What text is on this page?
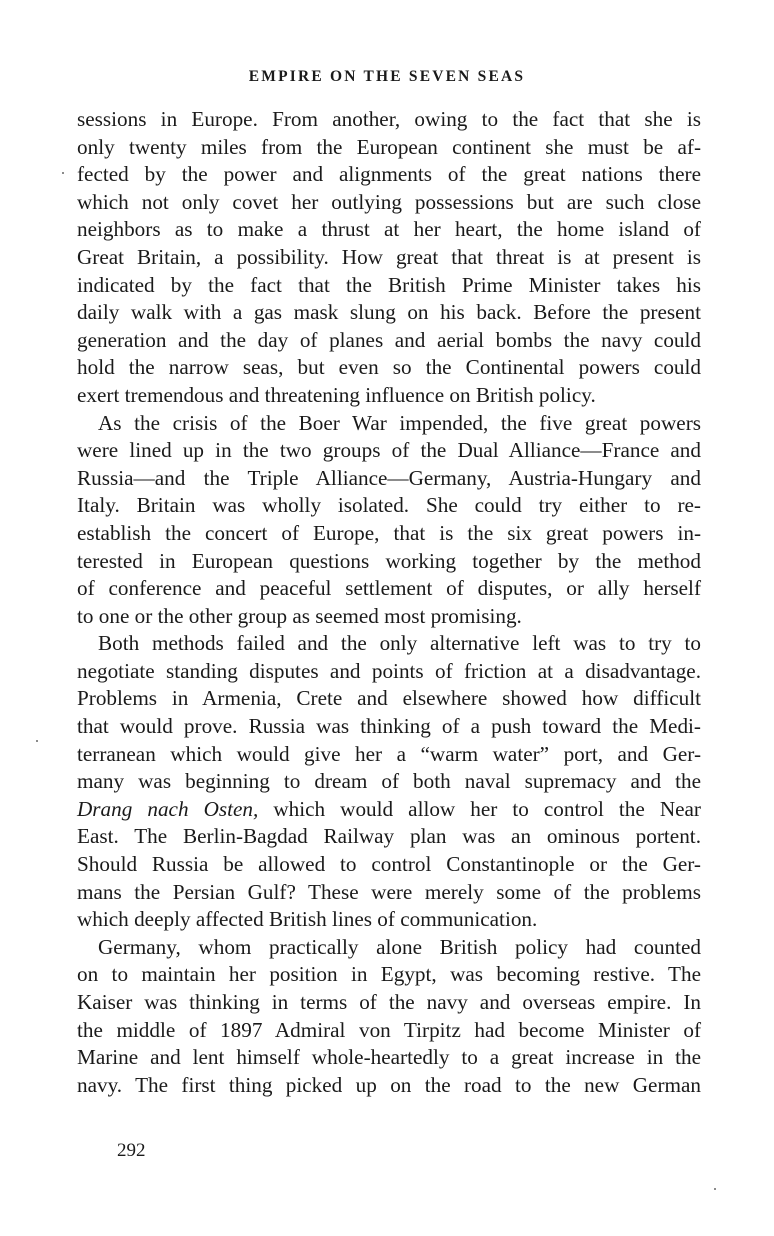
EMPIRE ON THE SEVEN SEAS
sessions in Europe. From another, owing to the fact that she is
only twenty miles from the European continent she must be af-
fected by the power and alignments of the great nations there
which not only covet her outlying possessions but are such close
neighbors as to make a thrust at her heart, the home island of
Great Britain, a possibility. How great that threat is at present is
indicated by the fact that the British Prime Minister takes his
daily walk with a gas mask slung on his back. Before the present
generation and the day of planes and aerial bombs the navy could
hold the narrow seas, but even so the Continental powers could
exert tremendous and threatening influence on British policy.
As the crisis of the Boer War impended, the five great powers
were lined up in the two groups of the Dual Alliance—France and
Russia—and the Triple Alliance—Germany, Austria-Hungary and
Italy. Britain was wholly isolated. She could try either to re-
establish the concert of Europe, that is the six great powers in-
terested in European questions working together by the method
of conference and peaceful settlement of disputes, or ally herself
to one or the other group as seemed most promising.
Both methods failed and the only alternative left was to try to
negotiate standing disputes and points of friction at a disadvantage.
Problems in Armenia, Crete and elsewhere showed how difficult
that would prove. Russia was thinking of a push toward the Medi-
terranean which would give her a “warm water” port, and Ger-
many was beginning to dream of both naval supremacy and the
Drang nach Osten, which would allow her to control the Near
East. The Berlin-Bagdad Railway plan was an ominous portent.
Should Russia be allowed to control Constantinople or the Ger-
mans the Persian Gulf? These were merely some of the problems
which deeply affected British lines of communication.
Germany, whom practically alone British policy had counted
on to maintain her position in Egypt, was becoming restive. The
Kaiser was thinking in terms of the navy and overseas empire. In
the middle of 1897 Admiral von Tirpitz had become Minister of
Marine and lent himself whole-heartedly to a great increase in the
navy. The first thing picked up on the road to the new German
292
